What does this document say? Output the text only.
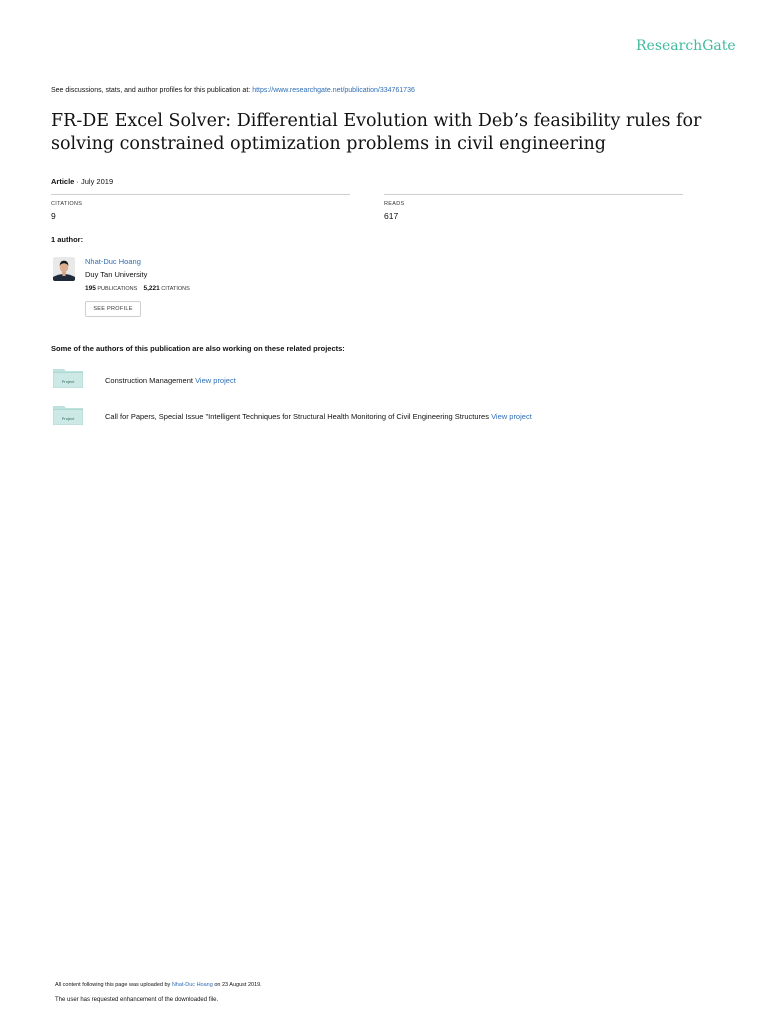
ResearchGate
See discussions, stats, and author profiles for this publication at: https://www.researchgate.net/publication/334761736
FR-DE Excel Solver: Differential Evolution with Deb’s feasibility rules for solving constrained optimization problems in civil engineering
Article · July 2019
CITATIONS
9
READS
617
1 author:
Nhat-Duc Hoang
Duy Tan University
195 PUBLICATIONS 5,221 CITATIONS
SEE PROFILE
Some of the authors of this publication are also working on these related projects:
Project	Construction Management View project
Project	Call for Papers, Special Issue "Intelligent Techniques for Structural Health Monitoring of Civil Engineering Structures View project
All content following this page was uploaded by Nhat-Duc Hoang on 23 August 2019.
The user has requested enhancement of the downloaded file.
